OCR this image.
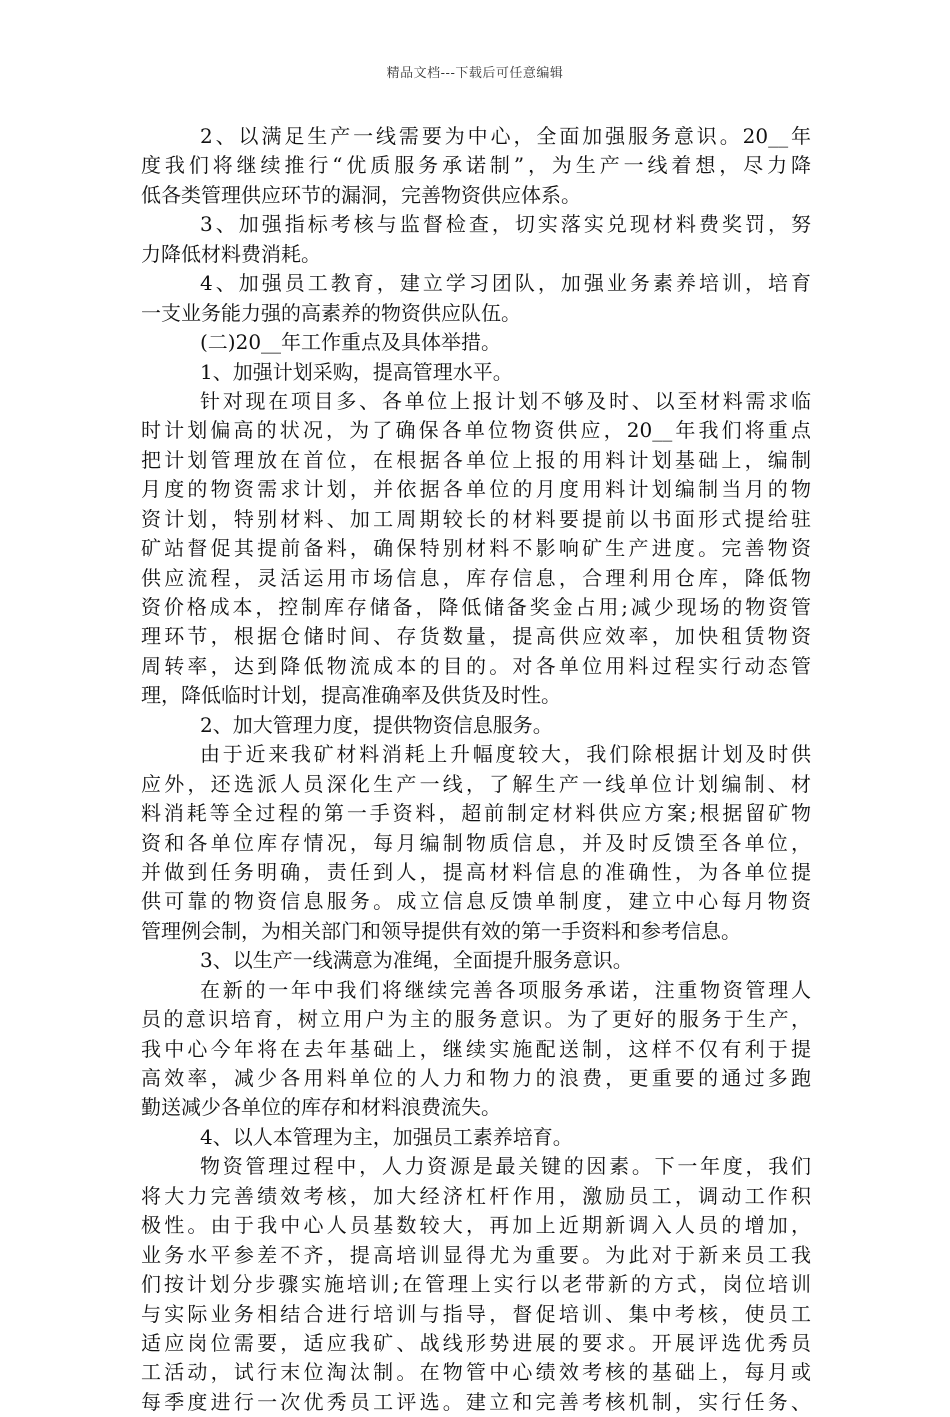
精品文档---下载后可任意编辑
2、以满足生产一线需要为中心，全面加强服务意识。20__年
度我们将继续推行“优质服务承诺制”，为生产一线着想，尽力降
低各类管理供应环节的漏洞，完善物资供应体系。
3、加强指标考核与监督检查，切实落实兑现材料费奖罚，努
力降低材料费消耗。
4、加强员工教育，建立学习团队，加强业务素养培训，培育
一支业务能力强的高素养的物资供应队伍。
(二)20__年工作重点及具体举措。
1、加强计划采购，提高管理水平。
针对现在项目多、各单位上报计划不够及时、以至材料需求临
时计划偏高的状况，为了确保各单位物资供应，20__年我们将重点
把计划管理放在首位，在根据各单位上报的用料计划基础上，编制
月度的物资需求计划，并依据各单位的月度用料计划编制当月的物
资计划，特别材料、加工周期较长的材料要提前以书面形式提给驻
矿站督促其提前备料，确保特别材料不影响矿生产进度。完善物资
供应流程，灵活运用市场信息，库存信息，合理利用仓库，降低物
资价格成本，控制库存储备，降低储备奖金占用;减少现场的物资管
理环节，根据仓储时间、存货数量，提高供应效率，加快租赁物资
周转率，达到降低物流成本的目的。对各单位用料过程实行动态管
理，降低临时计划，提高准确率及供货及时性。
2、加大管理力度，提供物资信息服务。
由于近来我矿材料消耗上升幅度较大，我们除根据计划及时供
应外，还选派人员深化生产一线，了解生产一线单位计划编制、材
料消耗等全过程的第一手资料，超前制定材料供应方案;根据留矿物
资和各单位库存情况，每月编制物质信息，并及时反馈至各单位，
并做到任务明确，责任到人，提高材料信息的准确性，为各单位提
供可靠的物资信息服务。成立信息反馈单制度，建立中心每月物资
管理例会制，为相关部门和领导提供有效的第一手资料和参考信息。
3、以生产一线满意为准绳，全面提升服务意识。
在新的一年中我们将继续完善各项服务承诺，注重物资管理人
员的意识培育，树立用户为主的服务意识。为了更好的服务于生产，
我中心今年将在去年基础上，继续实施配送制，这样不仅有利于提
高效率，减少各用料单位的人力和物力的浪费，更重要的通过多跑
勤送减少各单位的库存和材料浪费流失。
4、以人本管理为主，加强员工素养培育。
物资管理过程中，人力资源是最关键的因素。下一年度，我们
将大力完善绩效考核，加大经济杠杆作用，激励员工，调动工作积
极性。由于我中心人员基数较大，再加上近期新调入人员的增加，
业务水平参差不齐，提高培训显得尤为重要。为此对于新来员工我
们按计划分步骤实施培训;在管理上实行以老带新的方式，岗位培训
与实际业务相结合进行培训与指导，督促培训、集中考核，使员工
适应岗位需要，适应我矿、战线形势进展的要求。开展评选优秀员
工活动，试行末位淘汰制。在物管中心绩效考核的基础上，每月或
每季度进行一次优秀员工评选。建立和完善考核机制，实行任务、
